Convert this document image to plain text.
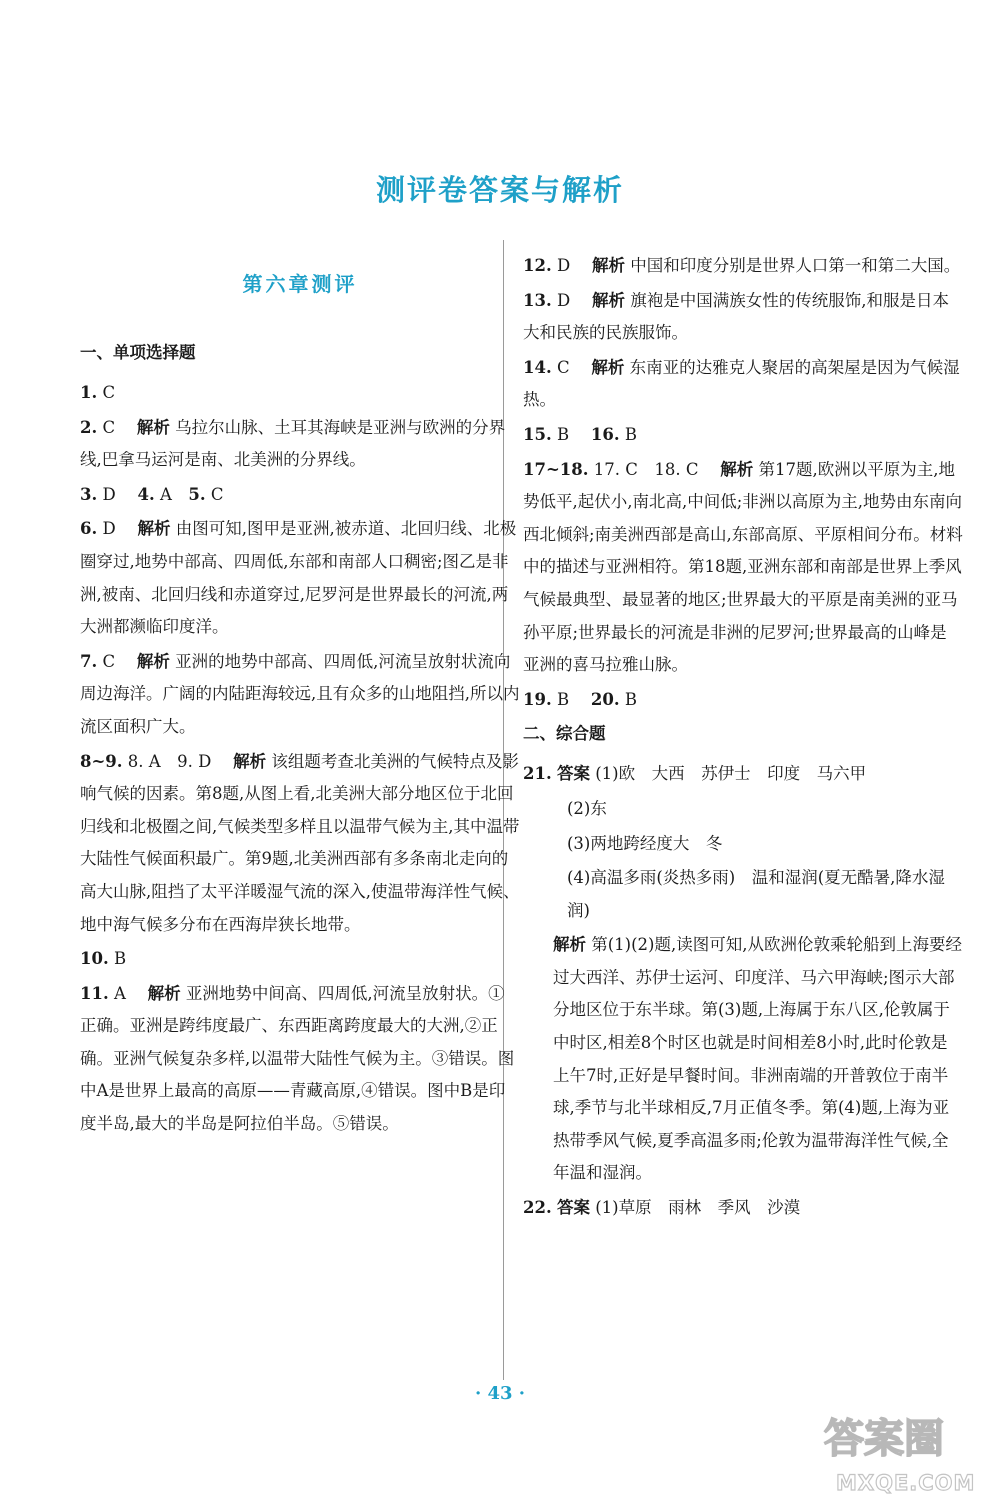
测评卷答案与解析
第六章测评
一、单项选择题
1. C
2. C 　 解析 乌拉尔山脉、土耳其海峡是亚洲与欧洲的分界线,巴拿马运河是南、北美洲的分界线。
3. D 　 4. A　 5. C
6. D 　 解析 由图可知,图甲是亚洲,被赤道、北回归线、北极圈穿过,地势中部高、四周低,东部和南部人口稠密;图乙是非洲,被南、北回归线和赤道穿过,尼罗河是世界最长的河流,两大洲都濒临印度洋。
7. C 　 解析 亚洲的地势中部高、四周低,河流呈放射状流向周边海洋。广阔的内陆距海较远,且有众多的山地阻挡,所以内流区面积广大。
8~9. 8. A　9. D 　 解析 该组题考查北美洲的气候特点及影响气候的因素。第8题,从图上看,北美洲大部分地区位于北回归线和北极圈之间,气候类型多样且以温带气候为主,其中温带大陆性气候面积最广。第9题,北美洲西部有多条南北走向的高大山脉,阻挡了太平洋暖湿气流的深入,使温带海洋性气候、地中海气候多分布在西海岸狭长地带。
10. B
11. A 　 解析 亚洲地势中间高、四周低,河流呈放射状。①正确。亚洲是跨纬度最广、东西距离跨度最大的大洲,②正确。亚洲气候复杂多样,以温带大陆性气候为主。③错误。图中A是世界上最高的高原——青藏高原,④错误。图中B是印度半岛,最大的半岛是阿拉伯半岛。⑤错误。
12. D 　 解析 中国和印度分别是世界人口第一和第二大国。
13. D 　 解析 旗袍是中国满族女性的传统服饰,和服是日本大和民族的民族服饰。
14. C 　 解析 东南亚的达雅克人聚居的高架屋是因为气候湿热。
15. B 　 16. B
17~18. 17. C　18. C 　 解析 第17题,欧洲以平原为主,地势低平,起伏小,南北高,中间低;非洲以高原为主,地势由东南向西北倾斜;南美洲西部是高山,东部高原、平原相间分布。材料中的描述与亚洲相符。第18题,亚洲东部和南部是世界上季风气候最典型、最显著的地区;世界最大的平原是南美洲的亚马孙平原;世界最长的河流是非洲的尼罗河;世界最高的山峰是亚洲的喜马拉雅山脉。
19. B 　 20. B
二、综合题
21. 答案 (1)欧　大西　苏伊士　印度　马六甲
(2)东
(3)两地跨经度大　冬
(4)高温多雨(炎热多雨)　温和湿润(夏无酷暑,降水湿润)
解析 第(1)(2)题,读图可知,从欧洲伦敦乘轮船到上海要经过大西洋、苏伊士运河、印度洋、马六甲海峡;图示大部分地区位于东半球。第(3)题,上海属于东八区,伦敦属于中时区,相差8个时区也就是时间相差8小时,此时伦敦是上午7时,正好是早餐时间。非洲南端的开普敦位于南半球,季节与北半球相反,7月正值冬季。第(4)题,上海为亚热带季风气候,夏季高温多雨;伦敦为温带海洋性气候,全年温和湿润。
22. 答案 (1)草原　雨林　季风　沙漠
· 43 ·
答案圈
MXQE.COM
